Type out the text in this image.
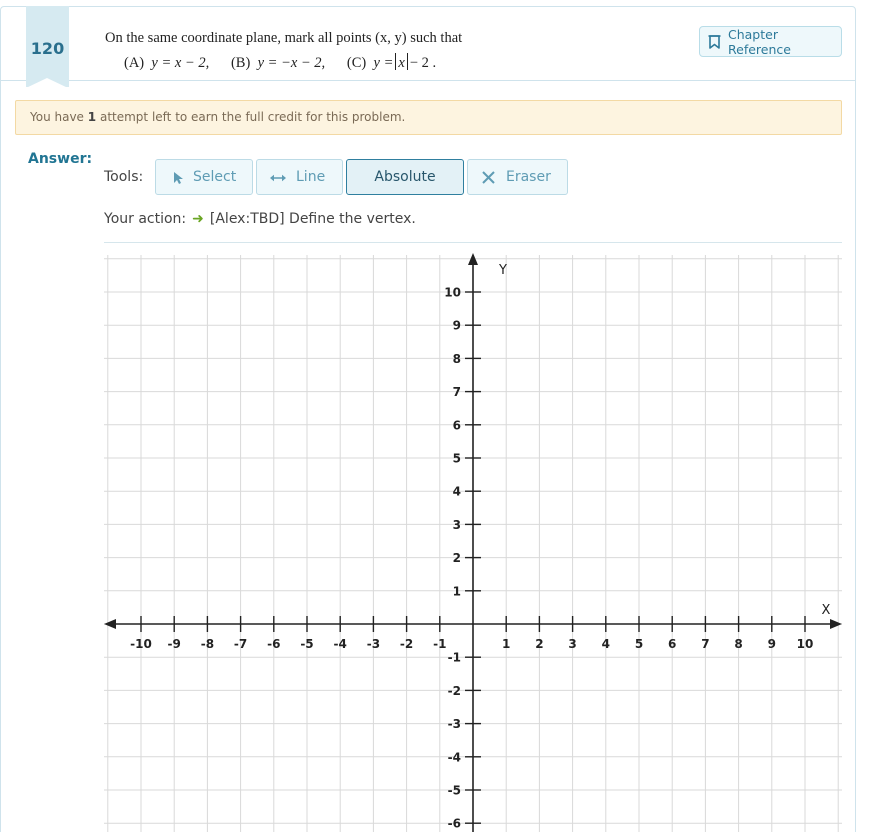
120
On the same coordinate plane, mark all points (x, y) such that
(A) y = x − 2, (B) y = −x − 2, (C) y = x − 2 .
Chapter Reference
You have 1 attempt left to earn the full credit for this problem.
Answer:
Tools:	Select	Line	Absolute	Eraser
Your action: ➜ [Alex:TBD] Define the vertex.
-10 -9 -8 -7 -6 -5 -4 -3 -2 -1	1 2 3 4 5 6 7 8 9 10
10
9
8
7
6
5
4
3
2
1
-1
-2
-3
-4
-5
-6
X
Y
